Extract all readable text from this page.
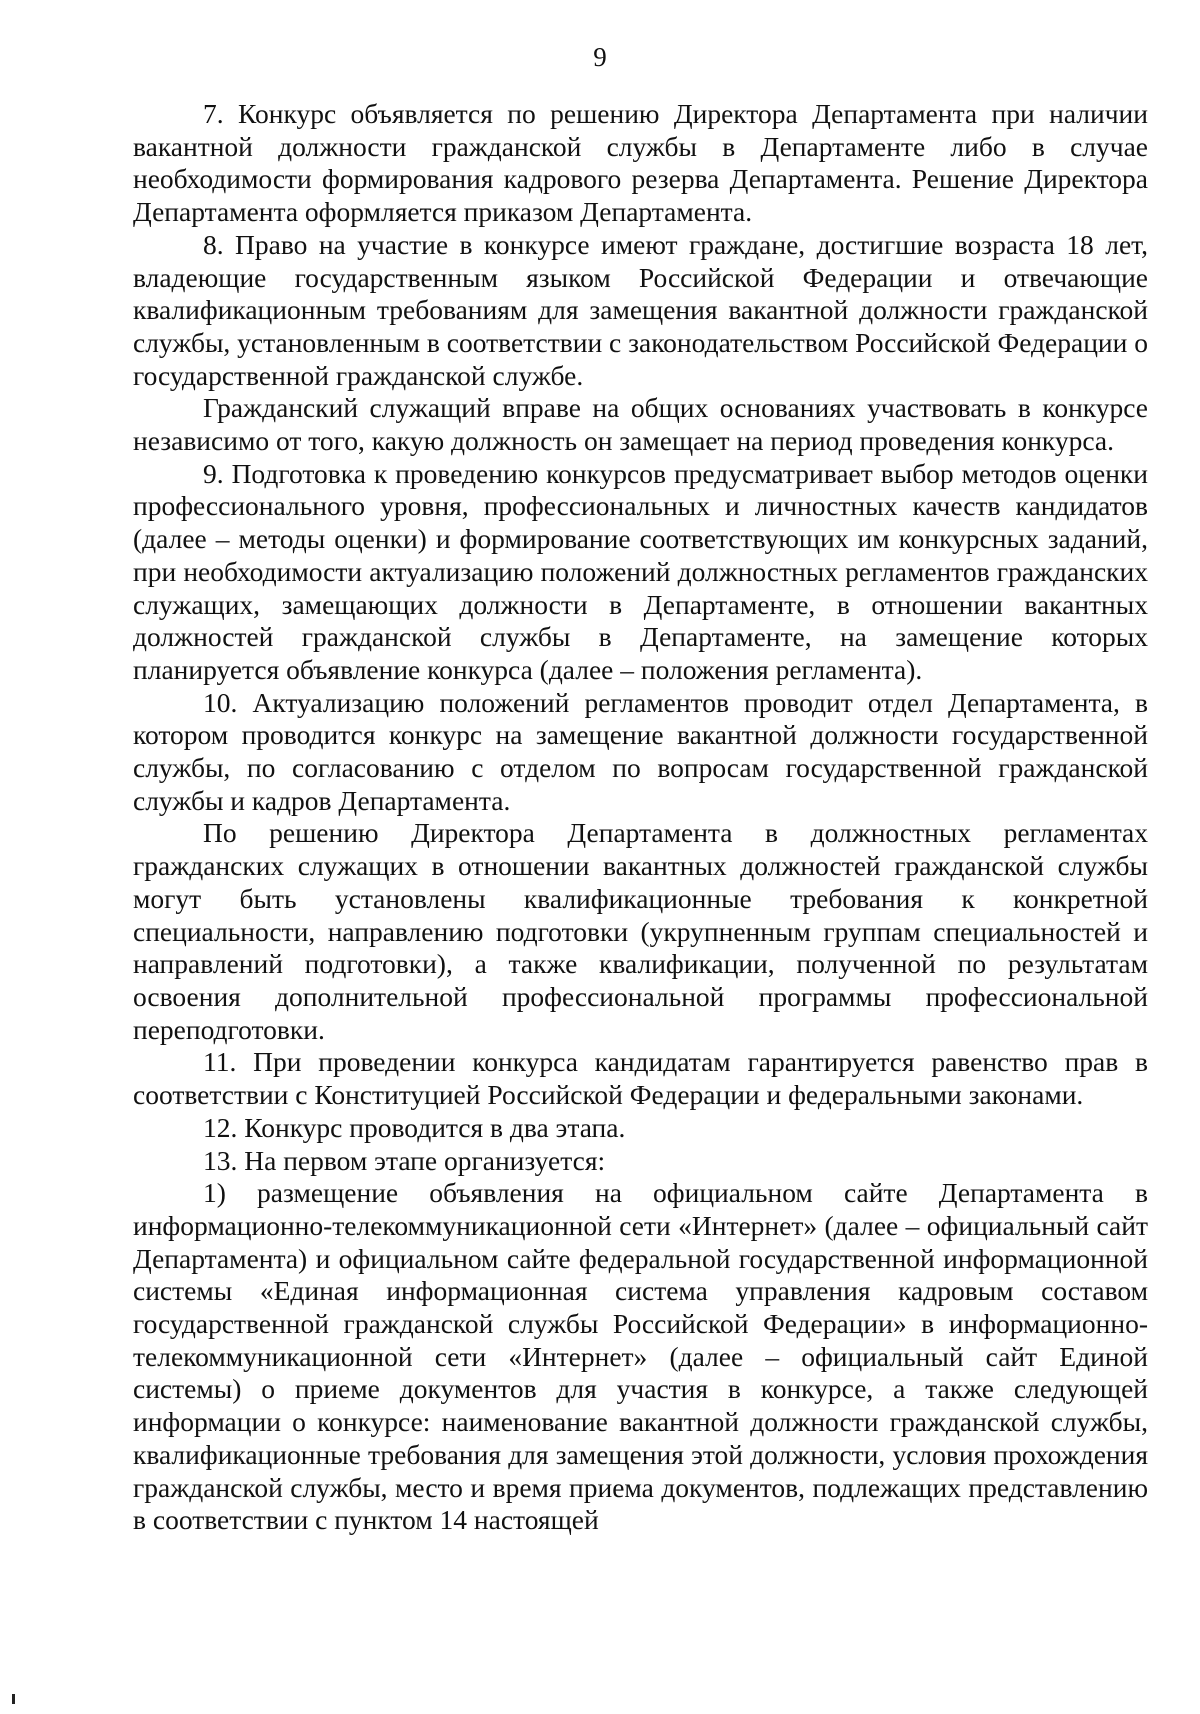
9

7. Конкурс объявляется по решению Директора Департамента при наличии вакантной должности гражданской службы в Департаменте либо в случае необходимости формирования кадрового резерва Департамента. Решение Директора Департамента оформляется приказом Департамента.

8. Право на участие в конкурсе имеют граждане, достигшие возраста 18 лет, владеющие государственным языком Российской Федерации и отвечающие квалификационным требованиям для замещения вакантной должности гражданской службы, установленным в соответствии с законодательством Российской Федерации о государственной гражданской службе.

Гражданский служащий вправе на общих основаниях участвовать в конкурсе независимо от того, какую должность он замещает на период проведения конкурса.

9. Подготовка к проведению конкурсов предусматривает выбор методов оценки профессионального уровня, профессиональных и личностных качеств кандидатов (далее – методы оценки) и формирование соответствующих им конкурсных заданий, при необходимости актуализацию положений должностных регламентов гражданских служащих, замещающих должности в Департаменте, в отношении вакантных должностей гражданской службы в Департаменте, на замещение которых планируется объявление конкурса (далее – положения регламента).

10. Актуализацию положений регламентов проводит отдел Департамента, в котором проводится конкурс на замещение вакантной должности государственной службы, по согласованию с отделом по вопросам государственной гражданской службы и кадров Департамента.

По решению Директора Департамента в должностных регламентах гражданских служащих в отношении вакантных должностей гражданской службы могут быть установлены квалификационные требования к конкретной специальности, направлению подготовки (укрупненным группам специальностей и направлений подготовки), а также квалификации, полученной по результатам освоения дополнительной профессиональной программы профессиональной переподготовки.

11. При проведении конкурса кандидатам гарантируется равенство прав в соответствии с Конституцией Российской Федерации и федеральными законами.

12. Конкурс проводится в два этапа.

13. На первом этапе организуется:

1) размещение объявления на официальном сайте Департамента в информационно-телекоммуникационной сети «Интернет» (далее – официальный сайт Департамента) и официальном сайте федеральной государственной информационной системы «Единая информационная система управления кадровым составом государственной гражданской службы Российской Федерации» в информационно-телекоммуникационной сети «Интернет» (далее – официальный сайт Единой системы) о приеме документов для участия в конкурсе, а также следующей информации о конкурсе: наименование вакантной должности гражданской службы, квалификационные требования для замещения этой должности, условия прохождения гражданской службы, место и время приема документов, подлежащих представлению в соответствии с пунктом 14 настоящей
